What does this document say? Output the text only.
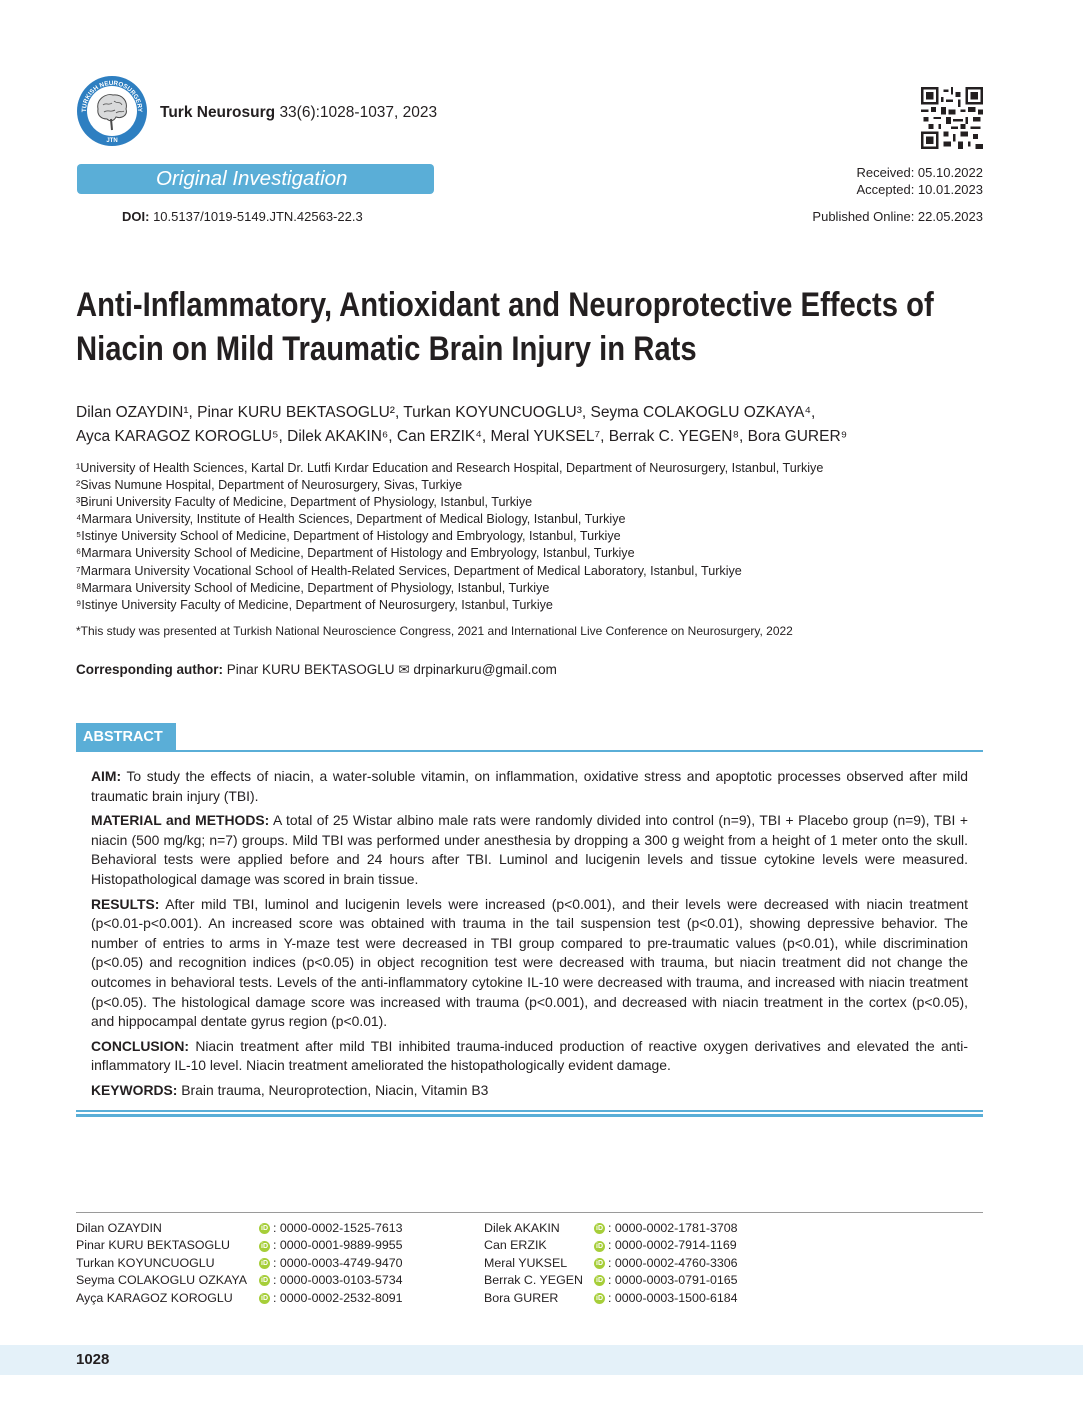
TURKISH NEUROSURGERY
JTN
Turk Neurosurg 33(6):1028-1037, 2023
Original Investigation
DOI: 10.5137/1019-5149.JTN.42563-22.3
Received: 05.10.2022
Accepted: 10.01.2023
Published Online: 22.05.2023
Anti-Inflammatory, Antioxidant and Neuroprotective Effects of
Niacin on Mild Traumatic Brain Injury in Rats
Dilan OZAYDIN¹, Pinar KURU BEKTASOGLU², Turkan KOYUNCUOGLU³, Seyma COLAKOGLU OZKAYA⁴,
Ayca KARAGOZ KOROGLU⁵, Dilek AKAKIN⁶, Can ERZIK⁴, Meral YUKSEL⁷, Berrak C. YEGEN⁸, Bora GURER⁹
¹University of Health Sciences, Kartal Dr. Lutfi Kırdar Education and Research Hospital, Department of Neurosurgery, Istanbul, Turkiye
²Sivas Numune Hospital, Department of Neurosurgery, Sivas, Turkiye
³Biruni University Faculty of Medicine, Department of Physiology, Istanbul, Turkiye
⁴Marmara University, Institute of Health Sciences, Department of Medical Biology, Istanbul, Turkiye
⁵Istinye University School of Medicine, Department of Histology and Embryology, Istanbul, Turkiye
⁶Marmara University School of Medicine, Department of Histology and Embryology, Istanbul, Turkiye
⁷Marmara University Vocational School of Health-Related Services, Department of Medical Laboratory, Istanbul, Turkiye
⁸Marmara University School of Medicine, Department of Physiology, Istanbul, Turkiye
⁹Istinye University Faculty of Medicine, Department of Neurosurgery, Istanbul, Turkiye
*This study was presented at Turkish National Neuroscience Congress, 2021 and International Live Conference on Neurosurgery, 2022
Corresponding author: Pinar KURU BEKTASOGLU ✉ drpinarkuru@gmail.com
ABSTRACT

AIM: To study the effects of niacin, a water-soluble vitamin, on inflammation, oxidative stress and apoptotic processes observed after mild traumatic brain injury (TBI).

MATERIAL and METHODS: A total of 25 Wistar albino male rats were randomly divided into control (n=9), TBI + Placebo group (n=9), TBI + niacin (500 mg/kg; n=7) groups. Mild TBI was performed under anesthesia by dropping a 300 g weight from a height of 1 meter onto the skull. Behavioral tests were applied before and 24 hours after TBI. Luminol and lucigenin levels and tissue cytokine levels were measured. Histopathological damage was scored in brain tissue.

RESULTS: After mild TBI, luminol and lucigenin levels were increased (p<0.001), and their levels were decreased with niacin treatment (p<0.01-p<0.001). An increased score was obtained with trauma in the tail suspension test (p<0.01), showing depressive behavior. The number of entries to arms in Y-maze test were decreased in TBI group compared to pre-traumatic values (p<0.01), while discrimination (p<0.05) and recognition indices (p<0.05) in object recognition test were decreased with trauma, but niacin treatment did not change the outcomes in behavioral tests. Levels of the anti-inflammatory cytokine IL-10 were decreased with trauma, and increased with niacin treatment (p<0.05). The histological damage score was increased with trauma (p<0.001), and decreased with niacin treatment in the cortex (p<0.05), and hippocampal dentate gyrus region (p<0.01).

CONCLUSION: Niacin treatment after mild TBI inhibited trauma-induced production of reactive oxygen derivatives and elevated the anti-inflammatory IL-10 level. Niacin treatment ameliorated the histopathologically evident damage.

KEYWORDS: Brain trauma, Neuroprotection, Niacin, Vitamin B3

Dilan OZAYDIN	iD : 0000-0002-1525-7613
Pinar KURU BEKTASOGLU	iD : 0000-0001-9889-9955
Turkan KOYUNCUOGLU	iD : 0000-0003-4749-9470
Seyma COLAKOGLU OZKAYA	iD : 0000-0003-0103-5734
Ayça KARAGOZ KOROGLU	iD : 0000-0002-2532-8091
Dilek AKAKIN	iD : 0000-0002-1781-3708
Can ERZIK	iD : 0000-0002-7914-1169
Meral YUKSEL	iD : 0000-0002-4760-3306
Berrak C. YEGEN	iD : 0000-0003-0791-0165
Bora GURER	iD : 0000-0003-1500-6184
1028
